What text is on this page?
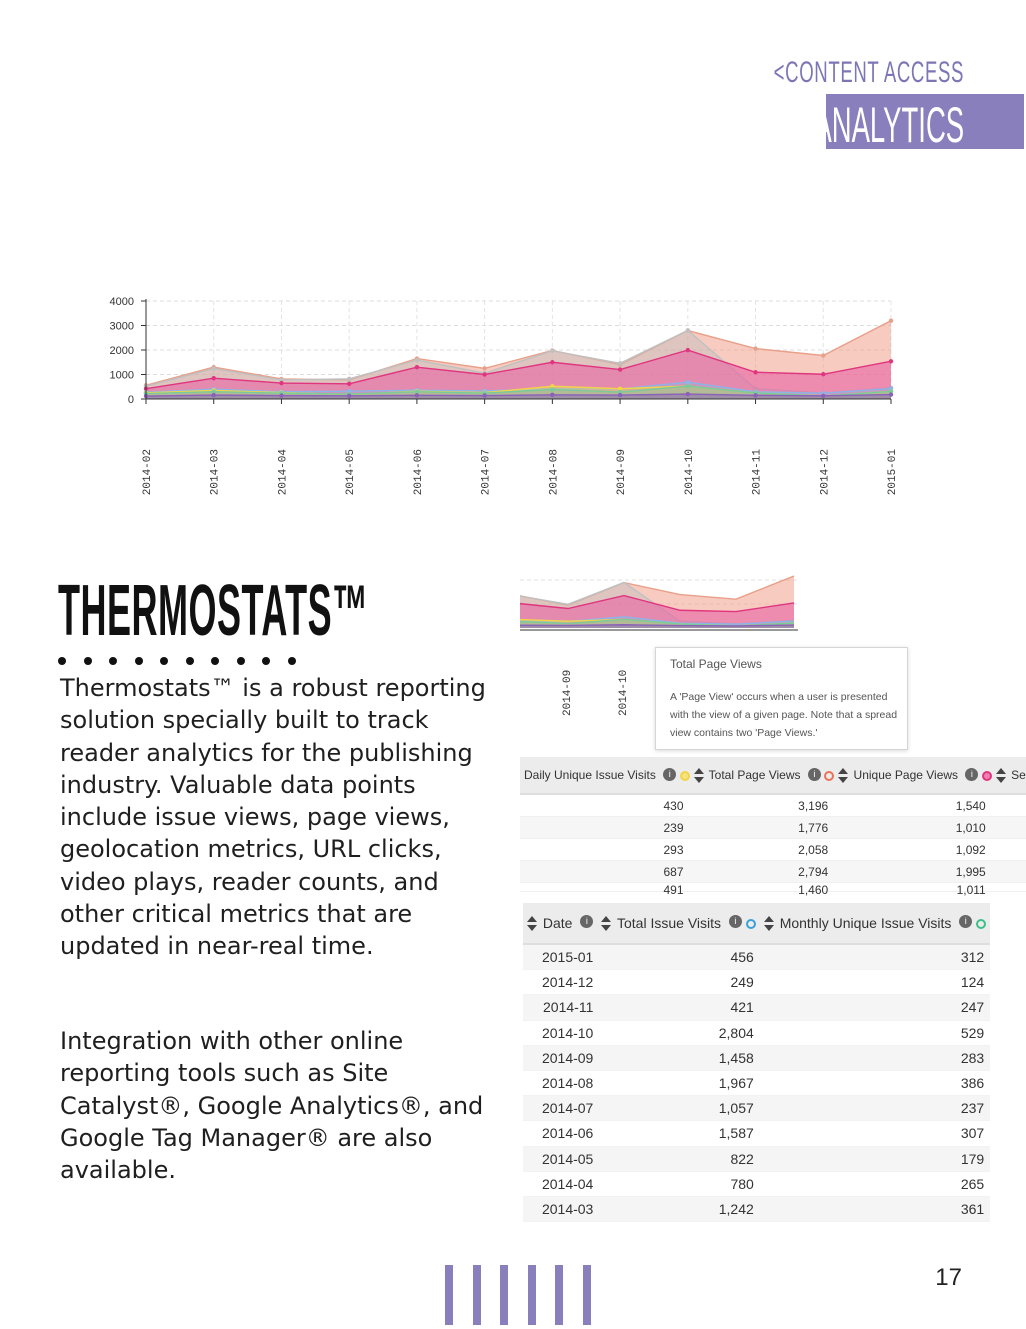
<CONTENT ACCESS
ANALYTICS
0
1000
2000
3000
4000
2014-02	2014-03	2014-04	2014-05	2014-06	2014-07	2014-08	2014-09	2014-10	2014-11	2014-12	2015-01
THERMOSTATS™

Thermostats™ is a robust reporting solution specially built to track reader analytics for the publishing industry. Valuable data points include issue views, page views, geolocation metrics, URL clicks, video plays, reader counts, and other critical metrics that are updated in near-real time.

Integration with other online reporting tools such as Site Catalyst®, Google Analytics®, and Google Tag Manager® are also available.

2014-09	2014-10
Total Page Views
A 'Page View' occurs when a user is presented with the view of a given page. Note that a spread view contains two 'Page Views.'
Daily Unique Issue Visits i	Total Page Views i	Unique Page Views i	Se
430	3,196	1,540	
239	1,776	1,010	
293	2,058	1,092	
687	2,794	1,995	

491	1,460	1,011	

Date i	Total Issue Visits i	Monthly Unique Issue Visits i
2015-01	456	312
2014-12	249	124
2014-11	421	247
2014-10	2,804	529
2014-09	1,458	283
2014-08	1,967	386
2014-07	1,057	237
2014-06	1,587	307
2014-05	822	179
2014-04	780	265
2014-03	1,242	361
17
